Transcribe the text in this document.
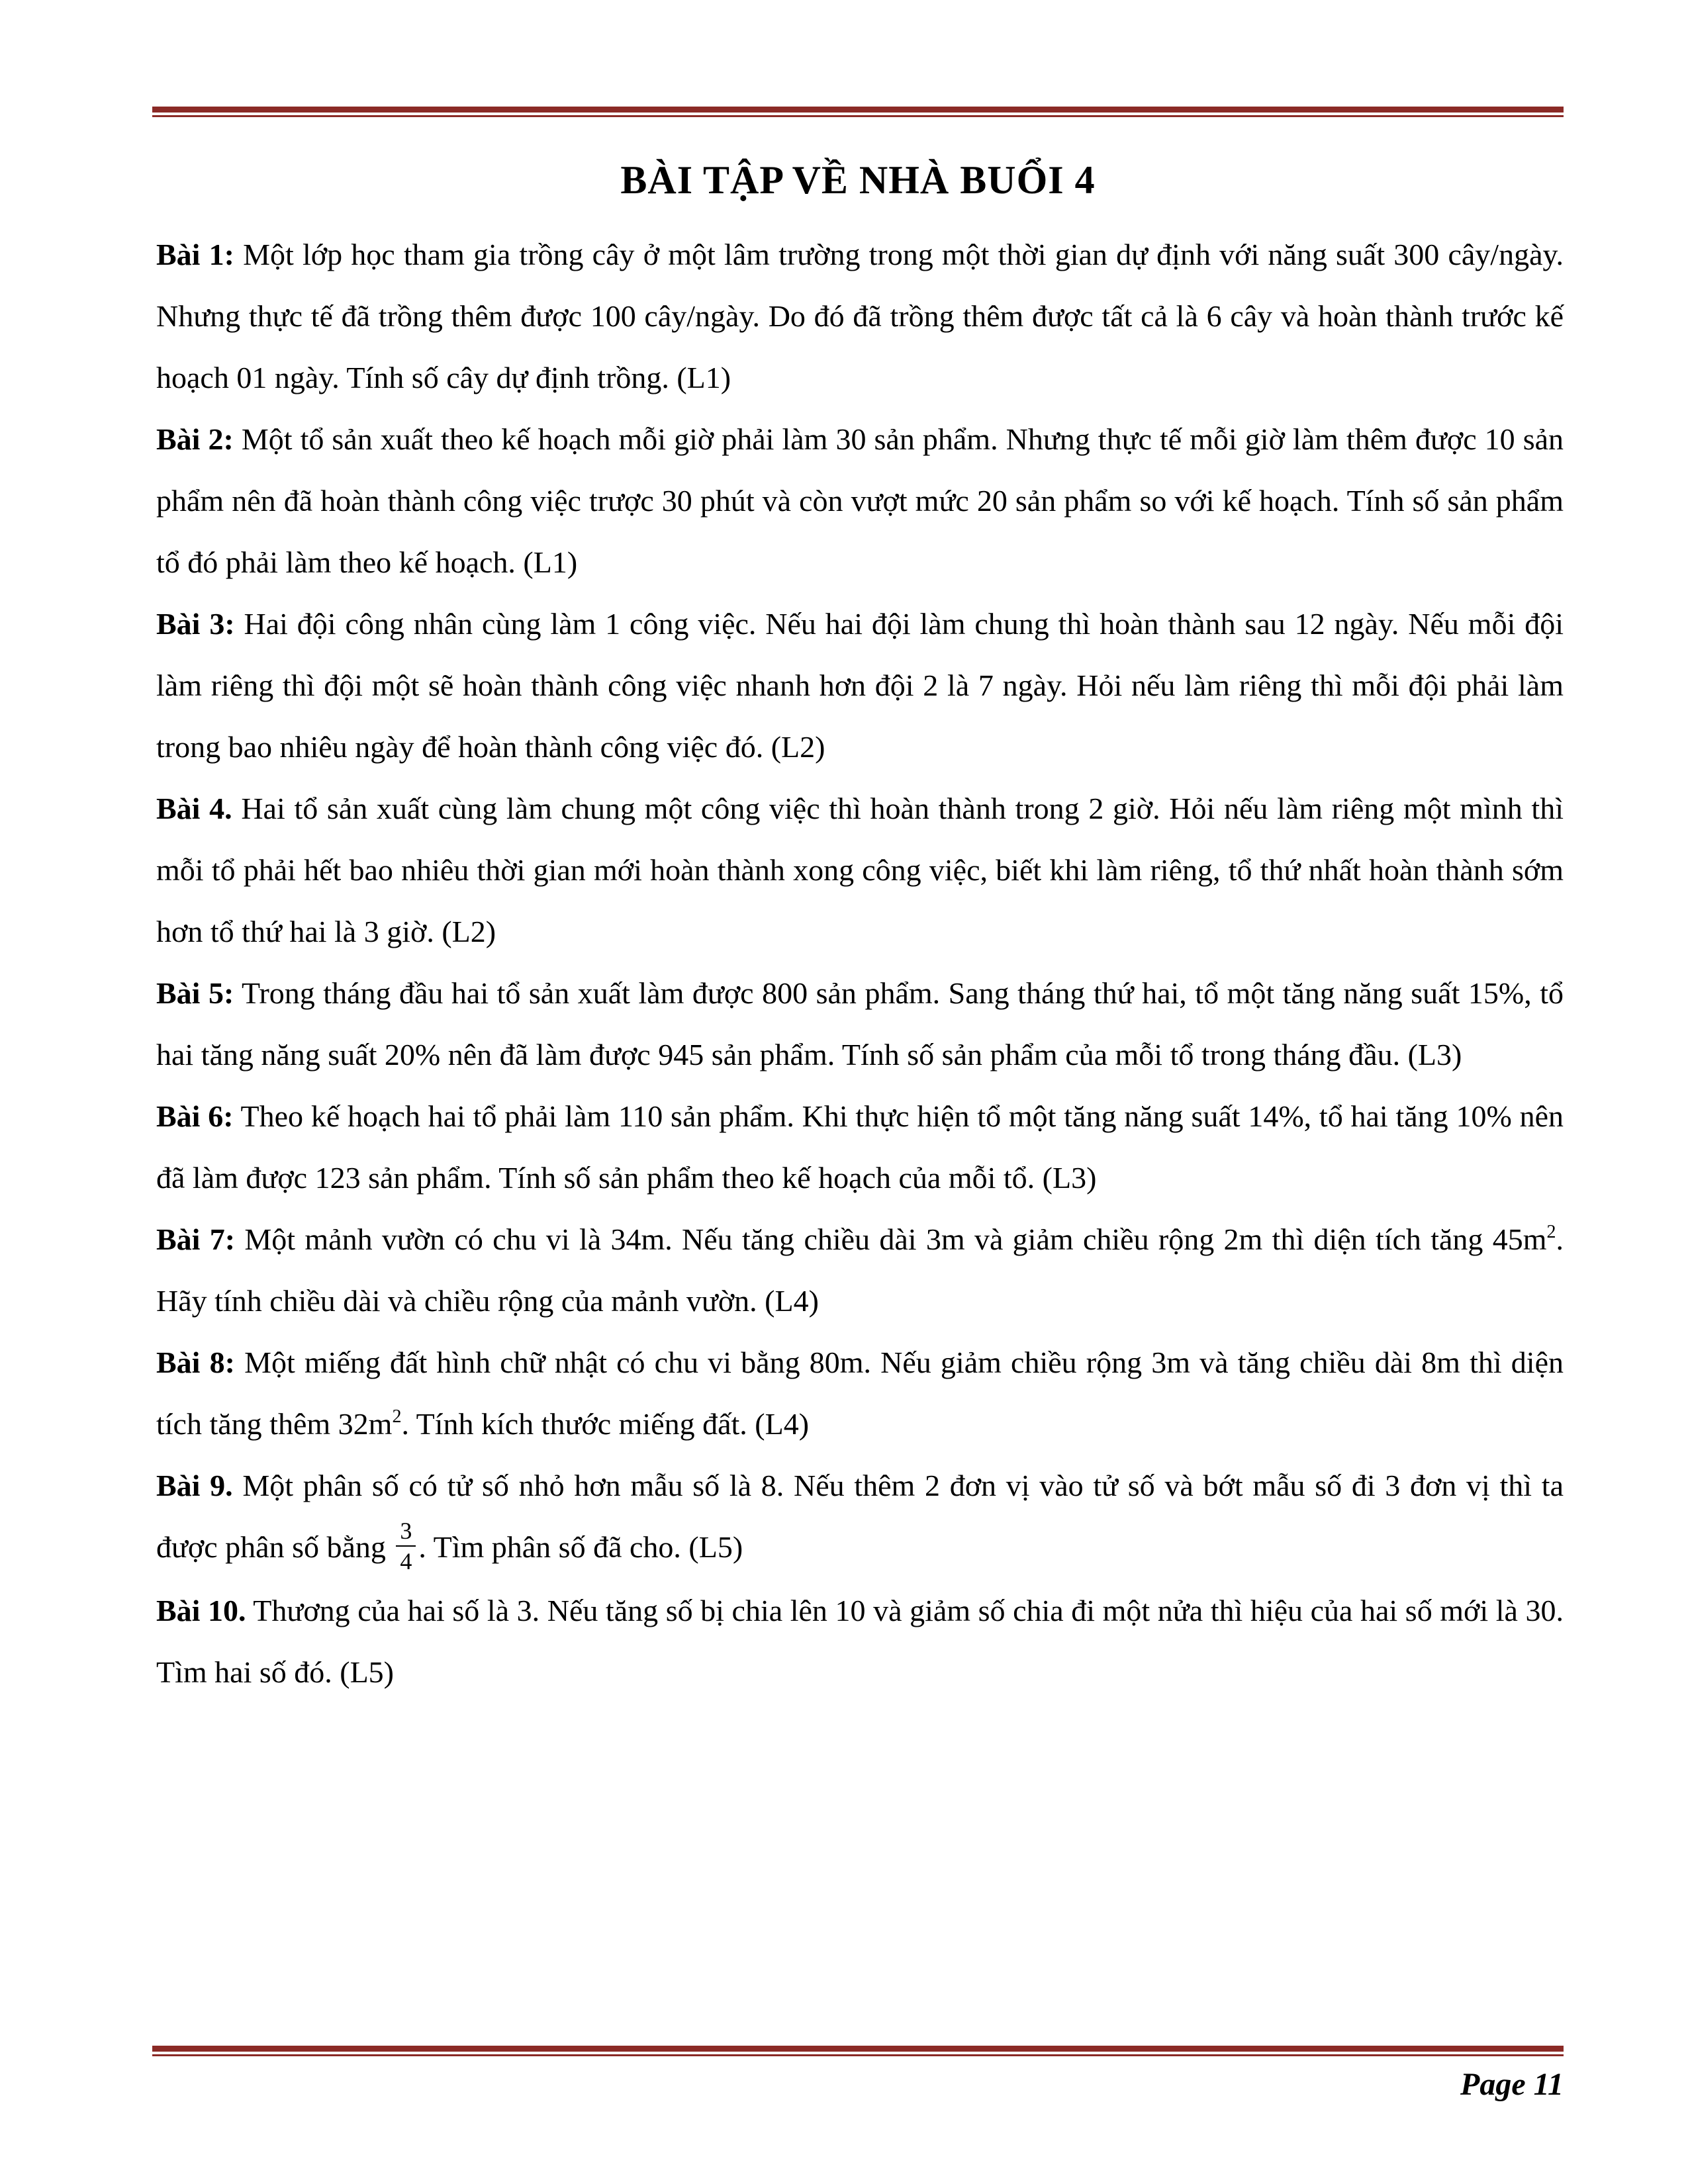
BÀI TẬP VỀ NHÀ BUỔI 4

Bài 1: Một lớp học tham gia trồng cây ở một lâm trường trong một thời gian dự định với năng suất 300 cây/ngày. Nhưng thực tế đã trồng thêm được 100 cây/ngày. Do đó đã trồng thêm được tất cả là 6 cây và hoàn thành trước kế hoạch 01 ngày. Tính số cây dự định trồng. (L1)

Bài 2: Một tổ sản xuất theo kế hoạch mỗi giờ phải làm 30 sản phẩm. Nhưng thực tế mỗi giờ làm thêm được 10 sản phẩm nên đã hoàn thành công việc trược 30 phút và còn vượt mức 20 sản phẩm so với kế hoạch. Tính số sản phẩm tổ đó phải làm theo kế hoạch. (L1)

Bài 3: Hai đội công nhân cùng làm 1 công việc. Nếu hai đội làm chung thì hoàn thành sau 12 ngày. Nếu mỗi đội làm riêng thì đội một sẽ hoàn thành công việc nhanh hơn đội 2 là 7 ngày. Hỏi nếu làm riêng thì mỗi đội phải làm trong bao nhiêu ngày để hoàn thành công việc đó. (L2)

Bài 4. Hai tổ sản xuất cùng làm chung một công việc thì hoàn thành trong 2 giờ. Hỏi nếu làm riêng một mình thì mỗi tổ phải hết bao nhiêu thời gian mới hoàn thành xong công việc, biết khi làm riêng, tổ thứ nhất hoàn thành sớm hơn tổ thứ hai là 3 giờ. (L2)

Bài 5: Trong tháng đầu hai tổ sản xuất làm được 800 sản phẩm. Sang tháng thứ hai, tổ một tăng năng suất 15%, tổ hai tăng năng suất 20% nên đã làm được 945 sản phẩm. Tính số sản phẩm của mỗi tổ trong tháng đầu. (L3)

Bài 6: Theo kế hoạch hai tổ phải làm 110 sản phẩm. Khi thực hiện tổ một tăng năng suất 14%, tổ hai tăng 10% nên đã làm được 123 sản phẩm. Tính số sản phẩm theo kế hoạch của mỗi tổ. (L3)

Bài 7: Một mảnh vườn có chu vi là 34m. Nếu tăng chiều dài 3m và giảm chiều rộng 2m thì diện tích tăng $45m^2$. Hãy tính chiều dài và chiều rộng của mảnh vườn. (L4)

Bài 8: Một miếng đất hình chữ nhật có chu vi bằng 80m. Nếu giảm chiều rộng 3m và tăng chiều dài 8m thì diện tích tăng thêm $32m^2$. Tính kích thước miếng đất. (L4)

Bài 9. Một phân số có tử số nhỏ hơn mẫu số là 8. Nếu thêm 2 đơn vị vào tử số và bớt mẫu số đi 3 đơn vị thì ta được phân số bằng $\frac{3}{4}$ . Tìm phân số đã cho. (L5)

Bài 10. Thương của hai số là 3. Nếu tăng số bị chia lên 10 và giảm số chia đi một nửa thì hiệu của hai số mới là 30. Tìm hai số đó. (L5)

Page 11
